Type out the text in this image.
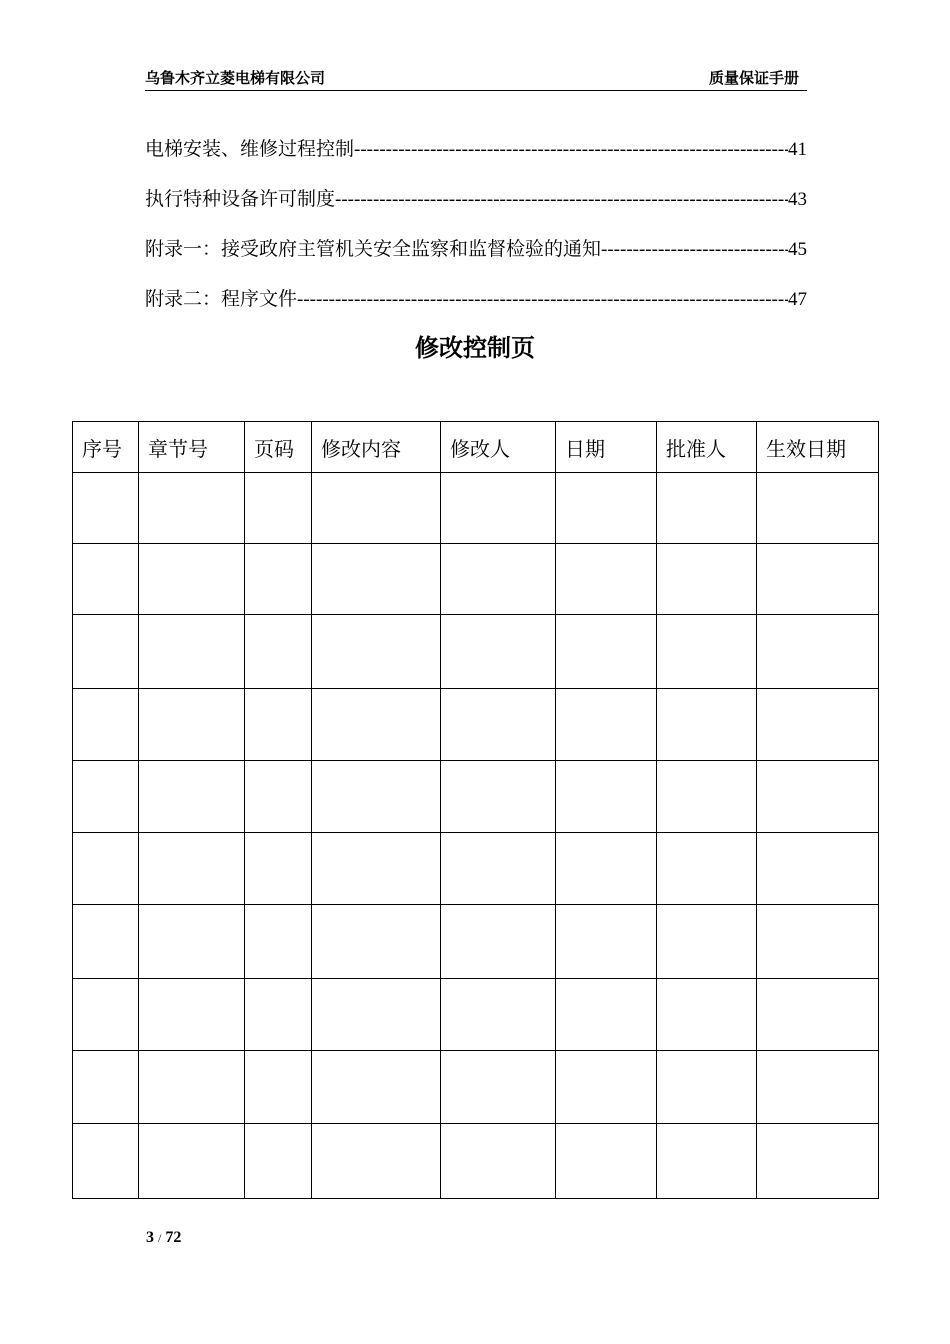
乌鲁木齐立菱电梯有限公司	质量保证手册
电梯安装、维修过程控制 -----	41
执行特种设备许可制度 -----	43
附录一：接受政府主管机关安全监察和监督检验的通知 -----	45
附录二：程序文件 -----	47
修改控制页
序号	章节号	页码	修改内容	修改人	日期	批准人	生效日期

3 / 72
